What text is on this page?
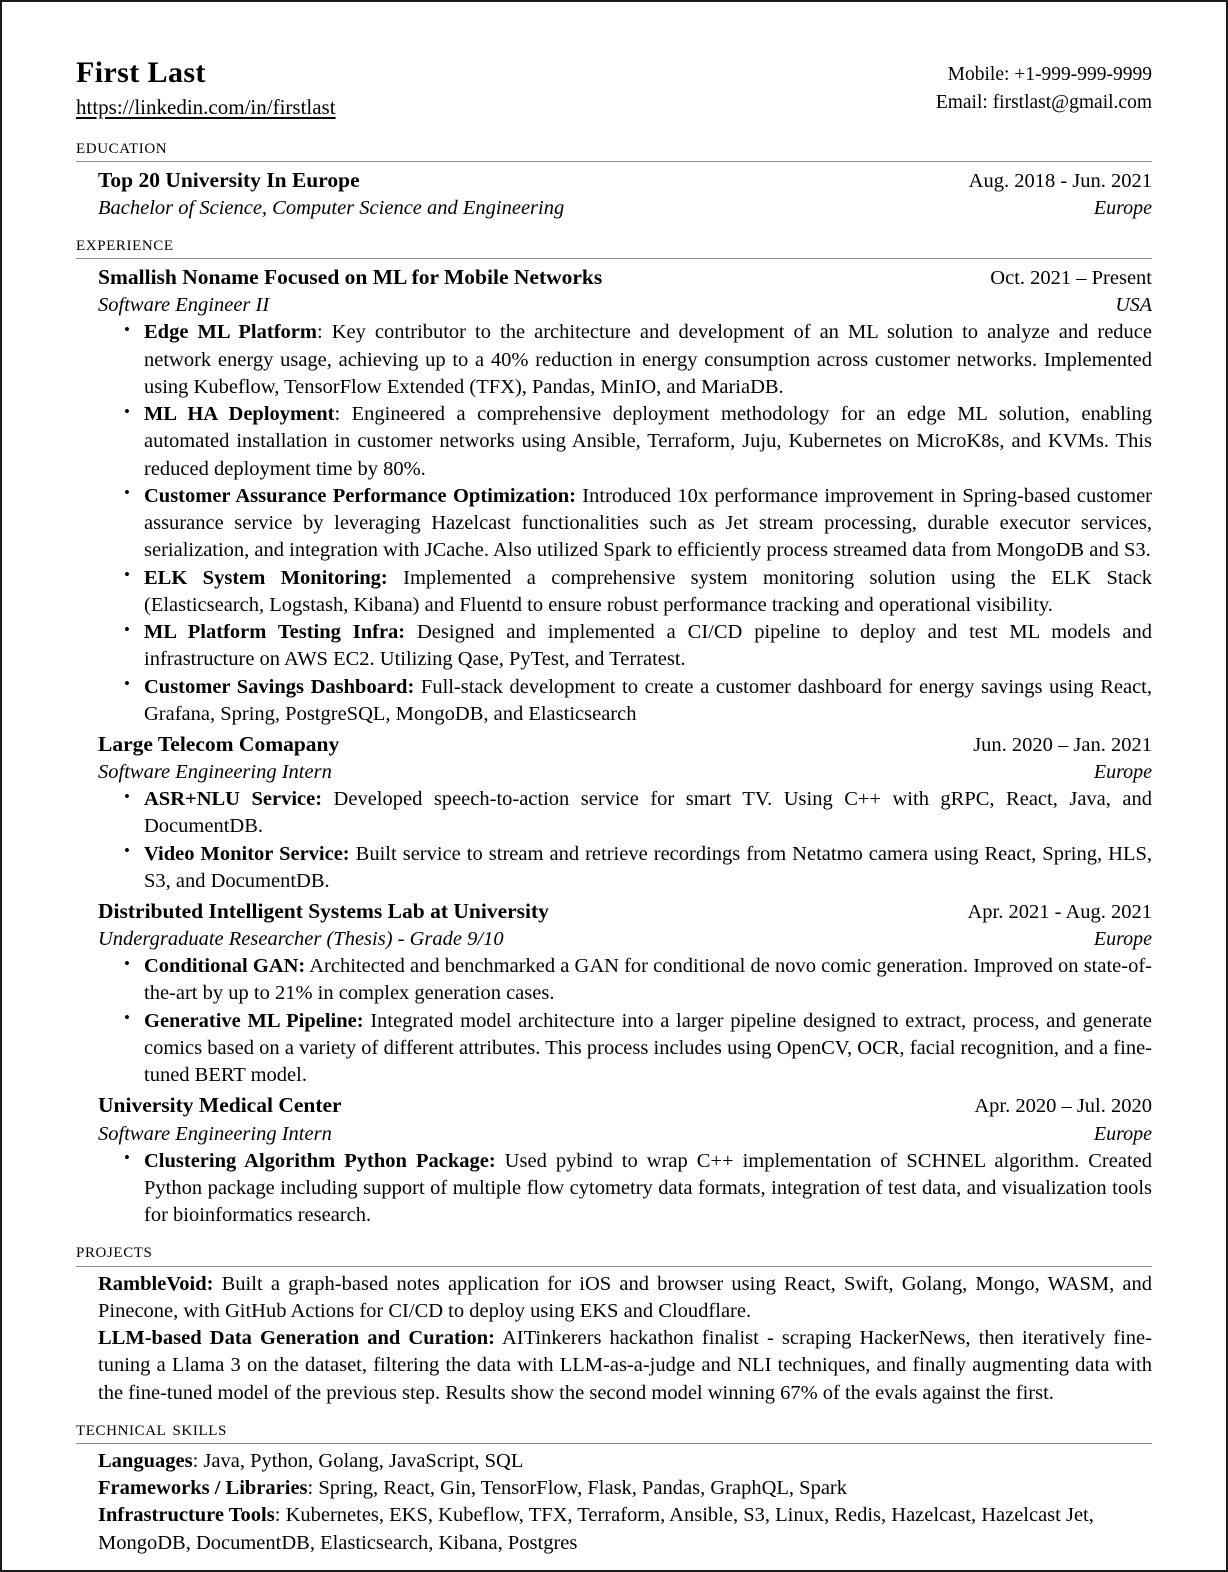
First Last
https://linkedin.com/in/firstlast
Mobile: +1-999-999-9999
Email: firstlast@gmail.com
education
Top 20 University In Europe	Aug. 2018 - Jun. 2021
Bachelor of Science, Computer Science and Engineering	Europe
experience
Smallish Noname Focused on ML for Mobile Networks	Oct. 2021 – Present
Software Engineer II	USA
• Edge ML Platform: Key contributor to the architecture and development of an ML solution to analyze and reduce network energy usage, achieving up to a 40% reduction in energy consumption across customer networks. Implemented using Kubeflow, TensorFlow Extended (TFX), Pandas, MinIO, and MariaDB.
• ML HA Deployment: Engineered a comprehensive deployment methodology for an edge ML solution, enabling automated installation in customer networks using Ansible, Terraform, Juju, Kubernetes on MicroK8s, and KVMs. This reduced deployment time by 80%.
• Customer Assurance Performance Optimization: Introduced 10x performance improvement in Spring-based customer assurance service by leveraging Hazelcast functionalities such as Jet stream processing, durable executor services, serialization, and integration with JCache. Also utilized Spark to efficiently process streamed data from MongoDB and S3.
• ELK System Monitoring: Implemented a comprehensive system monitoring solution using the ELK Stack (Elasticsearch, Logstash, Kibana) and Fluentd to ensure robust performance tracking and operational visibility.
• ML Platform Testing Infra: Designed and implemented a CI/CD pipeline to deploy and test ML models and infrastructure on AWS EC2. Utilizing Qase, PyTest, and Terratest.
• Customer Savings Dashboard: Full-stack development to create a customer dashboard for energy savings using React, Grafana, Spring, PostgreSQL, MongoDB, and Elasticsearch
Large Telecom Comapany	Jun. 2020 – Jan. 2021
Software Engineering Intern	Europe
• ASR+NLU Service: Developed speech-to-action service for smart TV. Using C++ with gRPC, React, Java, and DocumentDB.
• Video Monitor Service: Built service to stream and retrieve recordings from Netatmo camera using React, Spring, HLS, S3, and DocumentDB.
Distributed Intelligent Systems Lab at University	Apr. 2021 - Aug. 2021
Undergraduate Researcher (Thesis) - Grade 9/10	Europe
• Conditional GAN: Architected and benchmarked a GAN for conditional de novo comic generation. Improved on state-of-the-art by up to 21% in complex generation cases.
• Generative ML Pipeline: Integrated model architecture into a larger pipeline designed to extract, process, and generate comics based on a variety of different attributes. This process includes using OpenCV, OCR, facial recognition, and a fine-tuned BERT model.
University Medical Center	Apr. 2020 – Jul. 2020
Software Engineering Intern	Europe
• Clustering Algorithm Python Package: Used pybind to wrap C++ implementation of SCHNEL algorithm. Created Python package including support of multiple flow cytometry data formats, integration of test data, and visualization tools for bioinformatics research.
projects
RambleVoid: Built a graph-based notes application for iOS and browser using React, Swift, Golang, Mongo, WASM, and Pinecone, with GitHub Actions for CI/CD to deploy using EKS and Cloudflare.
LLM-based Data Generation and Curation: AITinkerers hackathon finalist - scraping HackerNews, then iteratively fine-tuning a Llama 3 on the dataset, filtering the data with LLM-as-a-judge and NLI techniques, and finally augmenting data with the fine-tuned model of the previous step. Results show the second model winning 67% of the evals against the first.
technical skills
Languages: Java, Python, Golang, JavaScript, SQL
Frameworks / Libraries: Spring, React, Gin, TensorFlow, Flask, Pandas, GraphQL, Spark
Infrastructure Tools: Kubernetes, EKS, Kubeflow, TFX, Terraform, Ansible, S3, Linux, Redis, Hazelcast, Hazelcast Jet, MongoDB, DocumentDB, Elasticsearch, Kibana, Postgres
